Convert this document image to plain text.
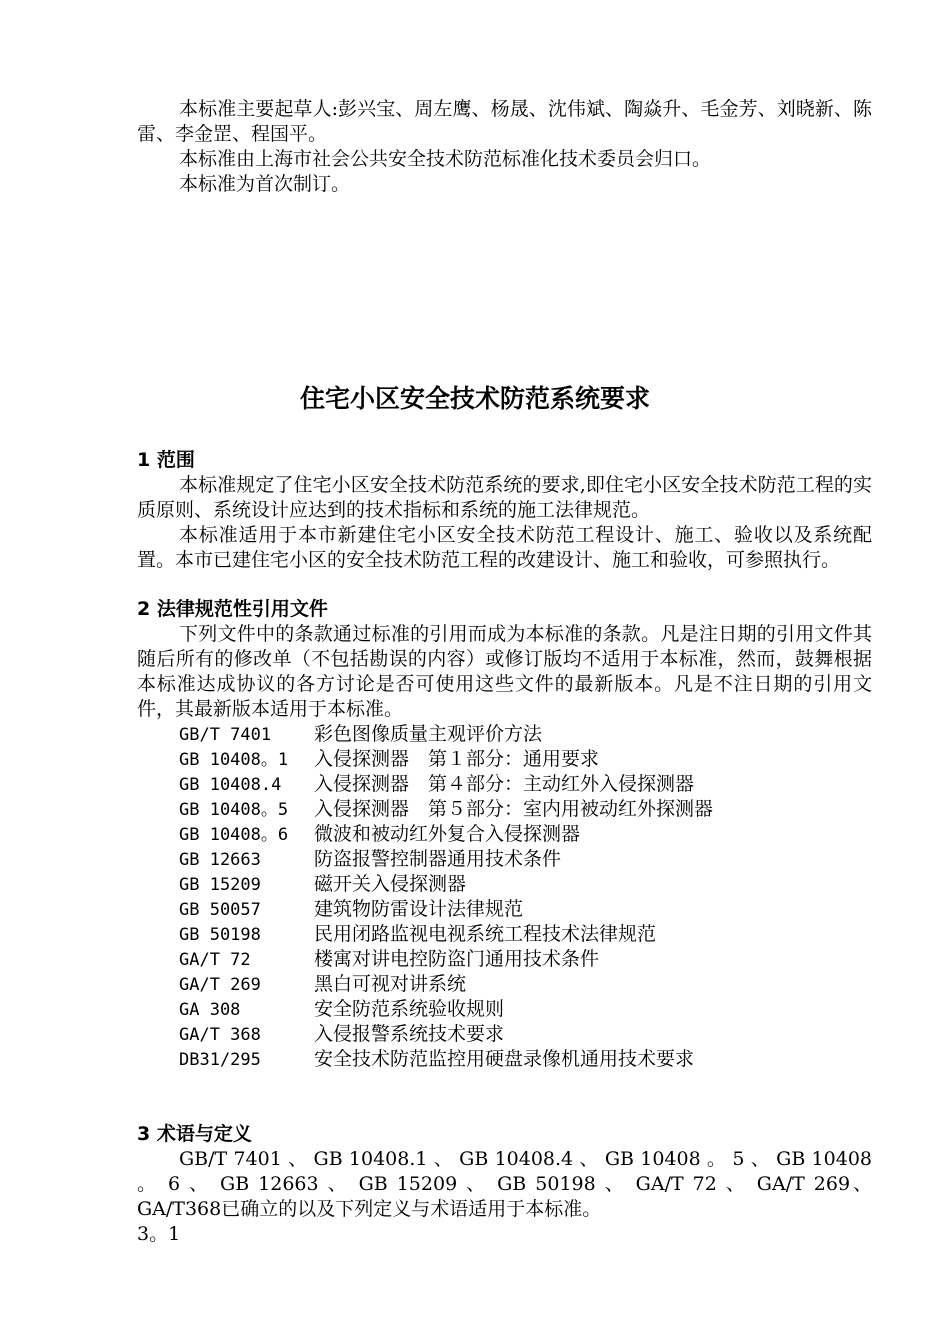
本标准主要起草人:彭兴宝、周左鹰、杨晟、沈伟斌、陶焱升、毛金芳、刘晓新、陈雷、李金罡、程国平。

本标准由上海市社会公共安全技术防范标准化技术委员会归口。

本标准为首次制订。

住宅小区安全技术防范系统要求
1 范围

本标准规定了住宅小区安全技术防范系统的要求,即住宅小区安全技术防范工程的实质原则、系统设计应达到的技术指标和系统的施工法律规范。

本标准适用于本市新建住宅小区安全技术防范工程设计、施工、验收以及系统配置。本市已建住宅小区的安全技术防范工程的改建设计、施工和验收，可参照执行。

2 法律规范性引用文件

下列文件中的条款通过标准的引用而成为本标准的条款。凡是注日期的引用文件其随后所有的修改单（不包括勘误的内容）或修订版均不适用于本标准，然而，鼓舞根据本标准达成协议的各方讨论是否可使用这些文件的最新版本。凡是不注日期的引用文件，其最新版本适用于本标准。

GB/T 7401 彩色图像质量主观评价方法
GB 10408。1 入侵探测器　第１部分：通用要求
GB 10408.4 入侵探测器　第４部分：主动红外入侵探测器
GB 10408。5 入侵探测器　第５部分：室内用被动红外探测器
GB 10408。6 微波和被动红外复合入侵探测器
GB 12663	防盗报警控制器通用技术条件
GB 15209	磁开关入侵探测器
GB 50057	建筑物防雷设计法律规范
GB 50198	民用闭路监视电视系统工程技术法律规范
GA/T 72	楼寓对讲电控防盗门通用技术条件
GA/T 269	黑白可视对讲系统
GA 308	安全防范系统验收规则
GA/T 368	入侵报警系统技术要求
DB31/295	安全技术防范监控用硬盘录像机通用技术要求
3 术语与定义

GB/T 7401 、 GB 10408.1 、 GB 10408.4 、 GB 10408 。 5 、 GB 10408 。 6 、 GB 12663 、 GB 15209 、 GB 50198 、 GA/T 72 、 GA/T 269、GA/T368已确立的以及下列定义与术语适用于本标准。

3。1
